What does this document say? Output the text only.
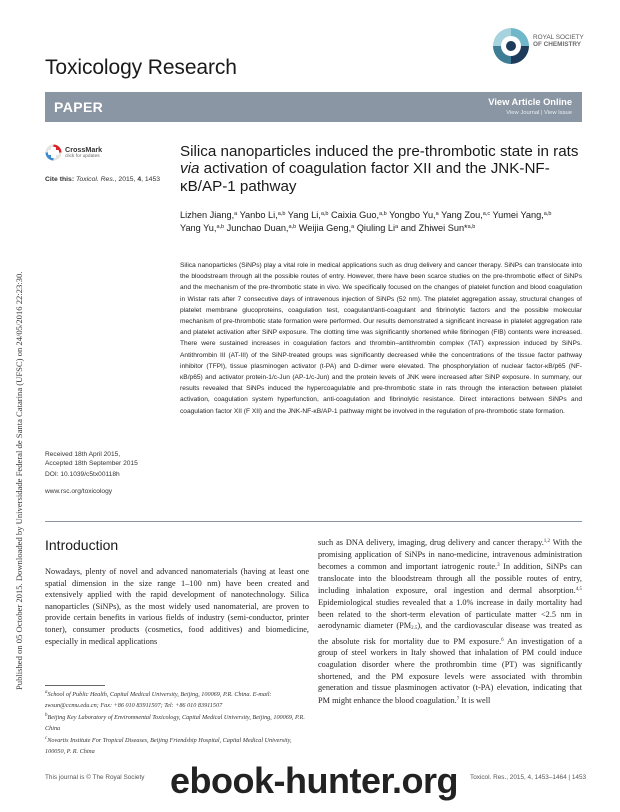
Published on 05 October 2015. Downloaded by Universidade Federal de Santa Catarina (UFSC) on 24/05/2016 22:23:30.
Toxicology Research
ROYAL SOCIETY
OF CHEMISTRY
PAPER	View Article Online
View Journal | View Issue
CrossMark
click for updates
Cite this: Toxicol. Res., 2015, 4, 1453
Silica nanoparticles induced the pre-thrombotic state in rats via activation of coagulation factor XII and the JNK-NF-κB/AP-1 pathway
Lizhen Jiang,$^a$ Yanbo Li,$^{a,b}$ Yang Li,$^{a,b}$ Caixia Guo,$^{a,b}$ Yongbo Yu,$^a$ Yang Zou,$^{a,c}$ Yumei Yang,$^{a,b}$ Yang Yu,$^{a,b}$ Junchao Duan,$^{a,b}$ Weijia Geng,$^a$ Qiuling Li$^a$ and Zhiwei Sun*$^{a,b}$
Silica nanoparticles (SiNPs) play a vital role in medical applications such as drug delivery and cancer therapy. SiNPs can translocate into the bloodstream through all the possible routes of entry. However, there have been scarce studies on the pre-thrombotic effect of SiNPs and the mechanism of the pre-thrombotic state in vivo. We specifically focused on the changes of platelet function and blood coagulation in Wistar rats after 7 consecutive days of intravenous injection of SiNPs (52 nm). The platelet aggregation assay, structural changes of platelet membrane glucoproteins, coagulation test, coagulant/anti-coagulant and fibrinolytic factors and the possible molecular mechanism of pre-thrombotic state formation were performed. Our results demonstrated a significant increase in platelet aggregation rate and platelet activation after SiNP exposure. The clotting time was significantly shortened while fibrinogen (FIB) contents were increased. There were sustained increases in coagulation factors and thrombin–antithrombin complex (TAT) expression induced by SiNPs. Antithrombin III (AT-III) of the SiNP-treated groups was significantly decreased while the concentrations of the tissue factor pathway inhibitor (TFPI), tissue plasminogen activator (t-PA) and D-dimer were elevated. The phosphorylation of nuclear factor-κB/p65 (NF-κB/p65) and activator protein-1/c-Jun (AP-1/c-Jun) and the protein levels of JNK were increased after SiNP exposure. In summary, our results revealed that SiNPs induced the hypercoagulable and pre-thrombotic state in rats through the interaction between platelet activation, coagulation system hyperfunction, anti-coagulation and fibrinolytic resistance. Direct interactions between SiNPs and coagulation factor XII (F XII) and the JNK-NF-κB/AP-1 pathway might be involved in the regulation of pre-thrombotic state formation.
Received 18th April 2015,
Accepted 18th September 2015
DOI: 10.1039/c5tx00118h
www.rsc.org/toxicology
Introduction
Nowadays, plenty of novel and advanced nanomaterials (having at least one spatial dimension in the size range 1–100 nm) have been created and extensively applied with the rapid development of nanotechnology. Silica nanoparticles (SiNPs), as the most widely used nanomaterial, are proven to provide certain benefits in various fields of industry (semi-conductor, printer toner), consumer products (cosmetics, food additives) and biomedicine, especially in medical applications
such as DNA delivery, imaging, drug delivery and cancer therapy.$^{1,2}$ With the promising application of SiNPs in nano-medicine, intravenous administration becomes a common and important iatrogenic route.$^3$ In addition, SiNPs can translocate into the bloodstream through all the possible routes of entry, including inhalation exposure, oral ingestion and dermal absorption.$^{4,5}$ Epidemiological studies revealed that a 1.0% increase in daily mortality had been related to the short-term elevation of particulate matter <2.5 nm in aerodynamic diameter $(PM_{2.5})$, and the cardiovascular disease was treated as the absolute risk for mortality due to PM exposure.$^6$ An investigation of a group of steel workers in Italy showed that inhalation of PM could induce coagulation disorder where the prothrombin time (PT) was significantly shortened, and the PM exposure levels were associated with thrombin generation and tissue plasminogen activator (t-PA) elevation, indicating that PM might enhance the blood coagulation.$^7$ It is well
$^a$School of Public Health, Capital Medical University, Beijing, 100069, P.R. China. E-mail: zwsun@ccmu.edu.cn; Fax: +86 010 83911507; Tel: +86 010 83911507
$^b$Beijing Key Laboratory of Environmental Toxicology, Capital Medical University, Beijing, 100069, P.R. China
$^c$Novartis Institute For Tropical Diseases, Beijing Friendship Hospital, Capital Medical University, 100050, P. R. China
This journal is © The Royal Society	Toxicol. Res., 2015, 4, 1453–1464 | 1453
ebook-hunter.org
